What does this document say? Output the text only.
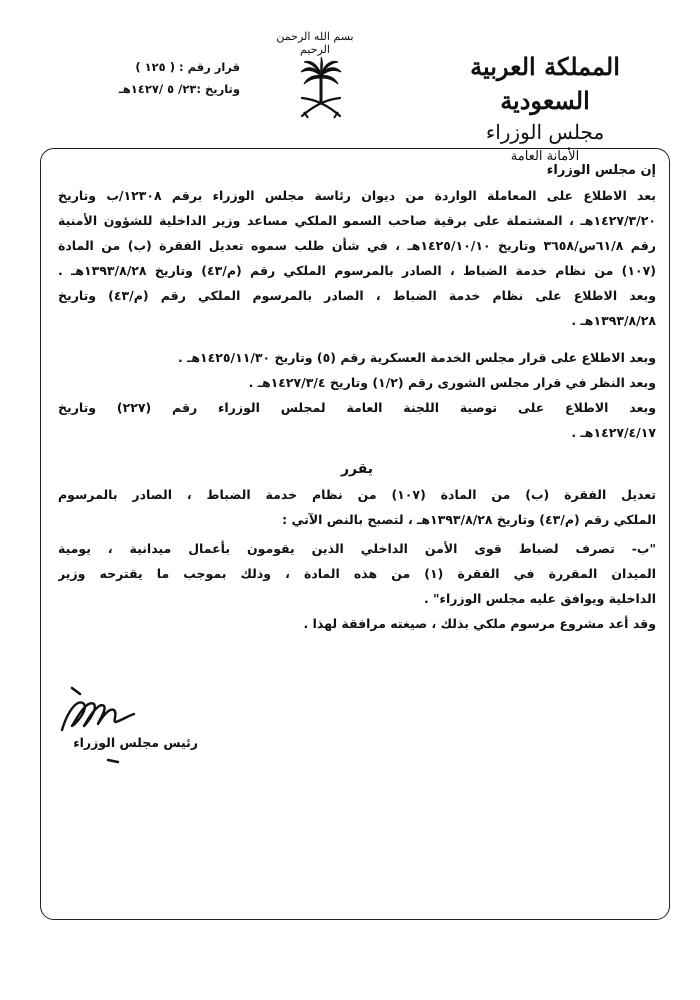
بسم الله الرحمن الرحيم
المملكة العربية السعودية
مجلس الوزراء
الأمانة العامة
قرار رقم : ( ١٢٥ )
وتاريخ :٢٣/ ٥ /١٤٢٧هـ
إن مجلس الوزراء
بعد الاطلاع على المعاملة الواردة من ديوان رئاسة مجلس الوزراء برقم ١٢٣٠٨/ب وتاريخ
١٤٢٧/٣/٢٠هـ ، المشتملة على برقية صاحب السمو الملكي مساعد وزير الداخلية للشؤون الأمنية
رقم ٦١/٨س/٣٦٥٨ وتاريخ ١٤٢٥/١٠/١٠هـ ، في شأن طلب سموه تعديل الفقرة (ب) من المادة
(١٠٧) من نظام خدمة الضباط ، الصادر بالمرسوم الملكي رقم (م/٤٣) وتاريخ ١٣٩٣/٨/٢٨هـ .
وبعد الاطلاع على نظام خدمة الضباط ، الصادر بالمرسوم الملكي رقم (م/٤٣) وتاريخ
١٣٩٣/٨/٢٨هـ .
وبعد الاطلاع على قرار مجلس الخدمة العسكرية رقم (٥) وتاريخ ١٤٢٥/١١/٣٠هـ .
وبعد النظر في قرار مجلس الشورى رقم (١/٢) وتاريخ ١٤٢٧/٣/٤هـ .
وبعد الاطلاع على توصية اللجنة العامة لمجلس الوزراء رقم (٢٢٧) وتاريخ
١٤٢٧/٤/١٧هـ .
يقرر
تعديل الفقرة (ب) من المادة (١٠٧) من نظام خدمة الضباط ، الصادر بالمرسوم
الملكي رقم (م/٤٣) وتاريخ ١٣٩٣/٨/٢٨هـ ، لتصبح بالنص الآتي :
"ب- تصرف لضباط قوى الأمن الداخلي الذين يقومون بأعمال ميدانية ، يومية
الميدان المقررة في الفقرة (١) من هذه المادة ، وذلك بموجب ما يقترحه وزير
الداخلية ويوافق عليه مجلس الوزراء" .
وقد أعد مشروع مرسوم ملكي بذلك ، صيغته مرافقة لهذا .
رئيس مجلس الوزراء
